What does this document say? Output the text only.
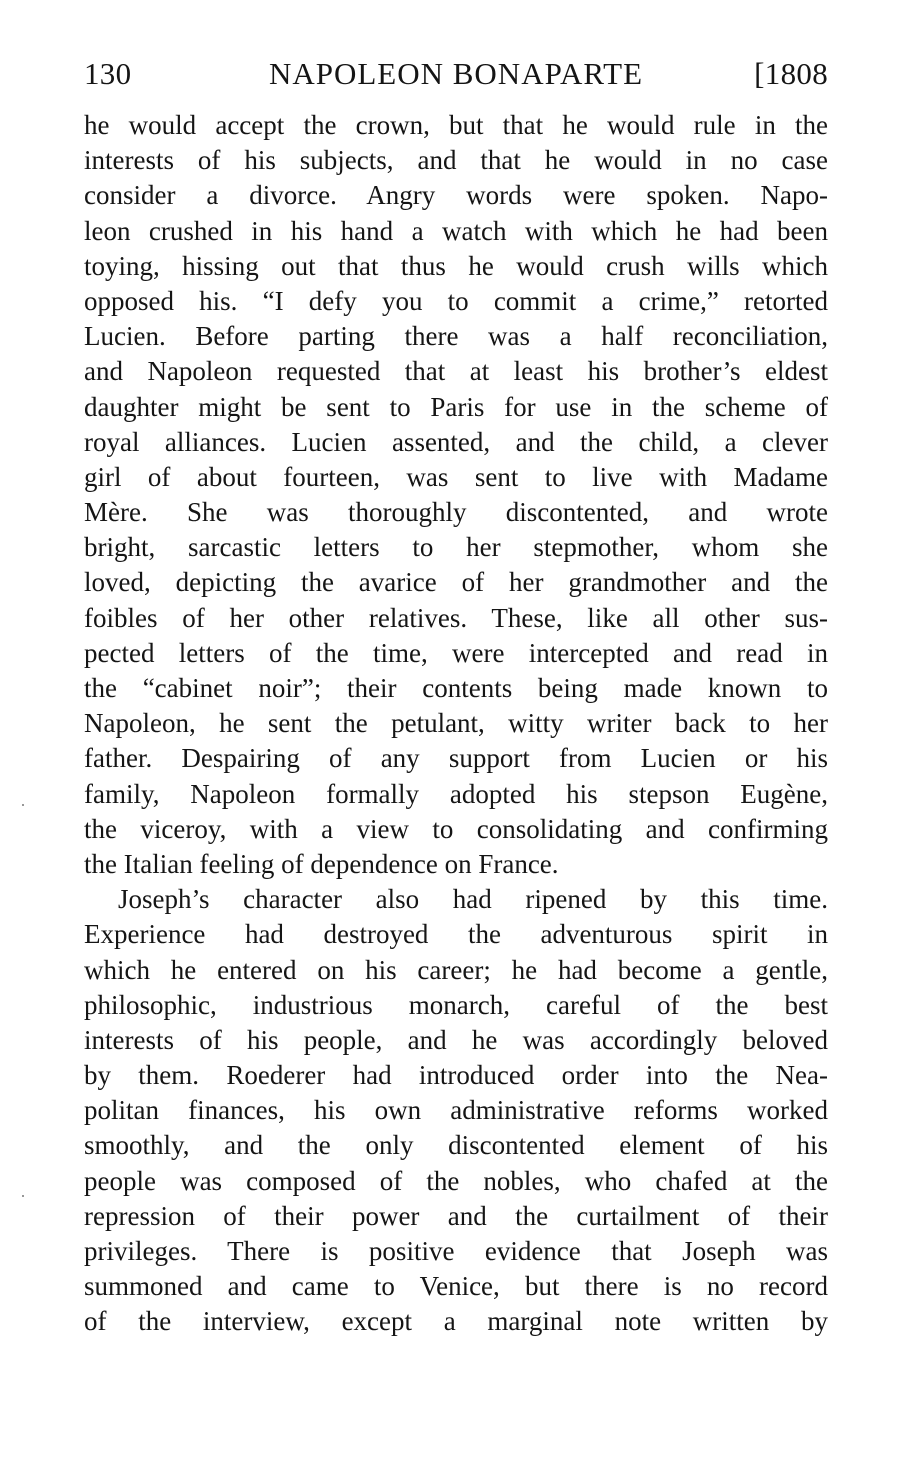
130	NAPOLEON BONAPARTE	[1808
he would accept the crown, but that he would rule in the
interests of his subjects, and that he would in no case
consider a divorce. Angry words were spoken. Napo-
leon crushed in his hand a watch with which he had been
toying, hissing out that thus he would crush wills which
opposed his. “I defy you to commit a crime,” retorted
Lucien. Before parting there was a half reconciliation,
and Napoleon requested that at least his brother’s eldest
daughter might be sent to Paris for use in the scheme of
royal alliances. Lucien assented, and the child, a clever
girl of about fourteen, was sent to live with Madame
Mère. She was thoroughly discontented, and wrote
bright, sarcastic letters to her stepmother, whom she
loved, depicting the avarice of her grandmother and the
foibles of her other relatives. These, like all other sus-
pected letters of the time, were intercepted and read in
the “cabinet noir”; their contents being made known to
Napoleon, he sent the petulant, witty writer back to her
father. Despairing of any support from Lucien or his
family, Napoleon formally adopted his stepson Eugène,
the viceroy, with a view to consolidating and confirming
the Italian feeling of dependence on France.
Joseph’s character also had ripened by this time.
Experience had destroyed the adventurous spirit in
which he entered on his career; he had become a gentle,
philosophic, industrious monarch, careful of the best
interests of his people, and he was accordingly beloved
by them. Roederer had introduced order into the Nea-
politan finances, his own administrative reforms worked
smoothly, and the only discontented element of his
people was composed of the nobles, who chafed at the
repression of their power and the curtailment of their
privileges. There is positive evidence that Joseph was
summoned and came to Venice, but there is no record
of the interview, except a marginal note written by
